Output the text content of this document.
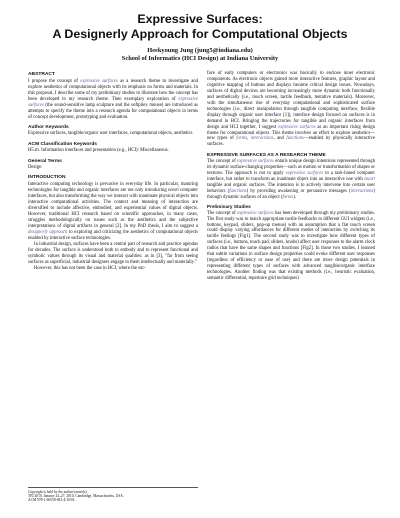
Expressive Surfaces:
A Designerly Approach for Computational Objects
Heekyoung Jung (jung5@indiana.edu)
School of Informatics (HCI Design) at Indiana University
ABSTRACT

I propose the concept of expressive surfaces as a research theme to investigate and explore aesthetics of computational objects with its emphasis on forms and materials. In this proposal, I describe some of my preliminary studies to illustrate how the concept has been developed to my research theme. Then exemplary exploration of expressive surfaces (the sound-sensitive lamp sculpture and the softpiley mouse) are introduced as attempts to specify the theme into a research agenda for computational objects in terms of concept development, prototyping and evaluation.

Author Keywords

Expressive surfaces, tangible/organic user interfaces, computational objects, aesthetics

ACM Classification Keywords

H5.m. Information interfaces and presentation (e.g., HCI): Miscellaneous.

General Terms

Design

INTRODUCTION

Interactive computing technology is pervasive in everyday life. In particular, maturing technologies for tangible and organic interfaces are not only introducing novel computer interfaces, but also transforming the way we interact with inanimate physical objects into interactive computational activities. The context and meaning of interaction are diversified to include affective, embodied, and experiential values of digital objects. However, traditional HCI research based on scientific approaches, in many cases, struggles methodologically on issues such as the aesthetics and the subjective interpretations of digital artifacts in general [2]. In my PhD thesis, I aim to suggest a designerly approach to exploring and criticizing the aesthetics of computational objects enabled by interactive surface technologies.

In industrial design, surfaces have been a central part of research and practice agendas for decades. The surface is understood both to embody and to represent functional and symbolic values through its visual and material qualities: as in [3], "far from seeing surfaces as superficial, industrial designers engage in them intellectually and materially."

However, this has not been the case in HCI, where the sur-

face of early computers or electronics was basically to enclose inner electronic components. As electronic objects gained more interactive features, graphic layout and cognitive mapping of buttons and displays became critical design issues. Nowadays, surfaces of digital devices are becoming increasingly more dynamic both functionally and aesthetically (i.e., touch screen, tactile feedback, tentative materials). Moreover, with the simultaneous rise of everyday computational and sophisticated surface technologies (i.e., direct manipulation through tangible computing interface, flexible display through organic user interface [1]), interface design focused on surfaces is in demand in HCI. Bringing the trajectories for tangible and organic interfaces from design and HCI together, I suggest expressive surfaces as an important rising design theme for computational objects. This theme involves an effort to explore aesthetics—new types of forms, interactions, and functions—enabled by physically interactive surfaces.

EXPRESSIVE SURFACES AS A RESEARCH THEME

The concept of expressive surfaces entails unique design intentions represented through its dynamic surface-changing properties—such as motion or transformation of shapes or textures. The approach is not to apply expressive surfaces to a task-based computer interface, but rather to transform an inanimate object into an interactive one with smart tangible and organic surfaces. The intention is to actively intervene into certain user behaviors (functions) by providing awakening or persuasive messages (interactions) through dynamic surfaces of an object (forms).

Preliminary Studies

The concept of expressive surfaces has been developed through my preliminary studies. The first study was to match appropriate tactile feedbacks to different GUI widgets (i.e., buttons, keypad, sliders, pop-up menus) with an assumption that a flat touch screen could display varying affordances for different modes of interaction by switching its tactile feelings [Fig1]. The second study was to investigate how different types of surfaces (i.e., buttons, touch pad, sliders, knobs) affect user responses to the alarm clock radios that have the same shapes and functions [Fig2]. In those two studies, I learned that subtle variations in surface design properties could evoke different user responses (regardless of efficiency or ease of use) and there are more design potentials in representing different types of surfaces with advanced tangible/organic interface technologies. Another finding was that existing methods (i.e., heuristic evaluation, semantic differential, repertoire grid techniques)

Copyright is held by the author/owner(s).
TEI 2010, January 24–27, 2010, Cambridge, Massachusetts, USA.
ACM 978-1-60558-841-4/10/01.
